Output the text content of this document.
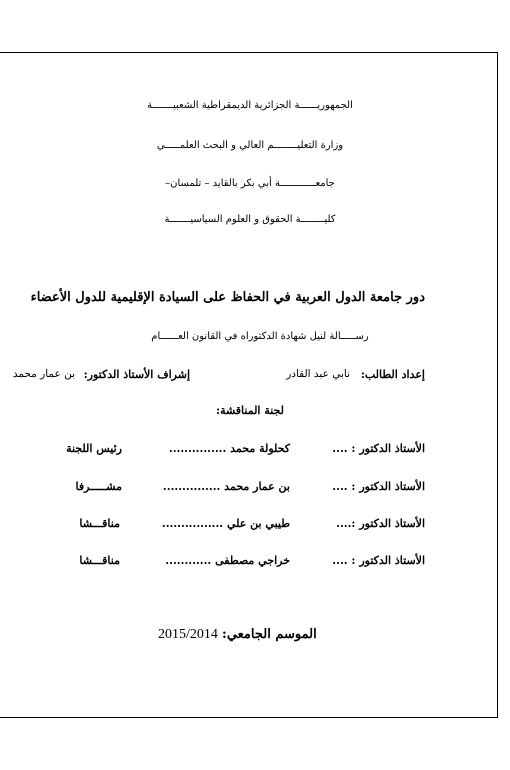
الجمهوريــــــة الجزائرية الديمقراطية الشعبيـــــــة
وزارة التعليــــــــم العالي و البحث العلمـــــي
جامعــــــــــــة أبي بكر بالقايد – تلمسان–
كليــــــــة الحقوق و العلوم السياسيـــــــة
دور جامعة الدول العربية في الحفاظ على السيادة الإقليمية للدول الأعضاء
رســـــالة لنيل شهادة الدكتوراه في القانون العــــــام
إعداد الطالب:
نابي عبد القادر
إشراف الأستاذ الدكتور:
بن عمار محمد
لجنة المناقشة:
الأستاذ الدكتور : ....
كحلولة محمد ...............
رئيس اللجنة
الأستاذ الدكتور : ....
بن عمار محمد ...............
مشـــــرفا
الأستاذ الدكتور :....
طيبي بن علي ................
مناقـــشا
الأستاذ الدكتور : ....
خراجي مصطفى ............
مناقـــشا
الموسم الجامعي: 2015/2014
